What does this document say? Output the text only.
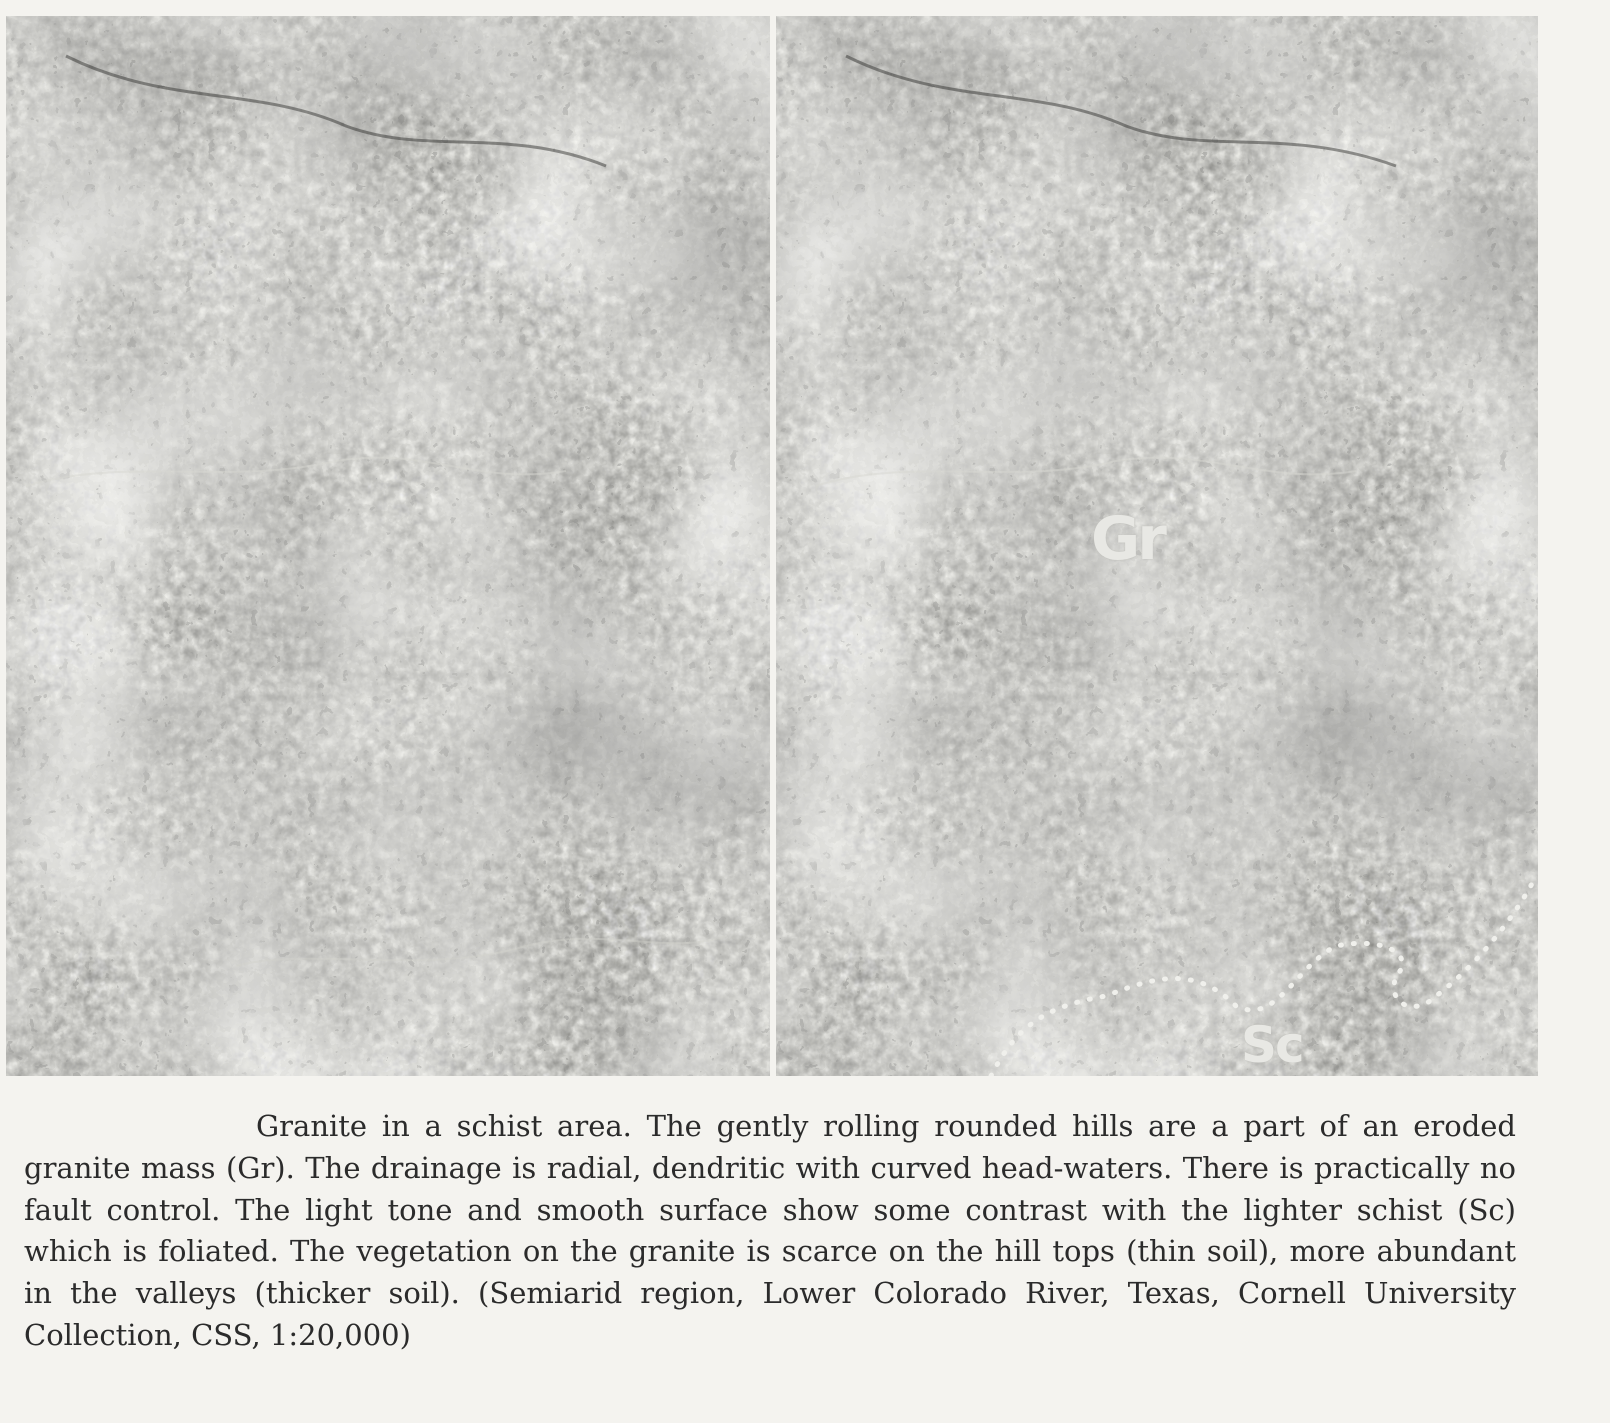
Gr
Sc

Granite in a schist area. The gently rolling rounded hills are a part of an eroded granite mass (Gr). The drainage is radial, dendritic with curved head-waters. There is practically no fault control. The light tone and smooth surface show some contrast with the lighter schist (Sc) which is foliated. The vegetation on the granite is scarce on the hill tops (thin soil), more abundant in the valleys (thicker soil). (Semiarid region, Lower Colorado River, Texas, Cornell University Collection, CSS, 1:20,000)
